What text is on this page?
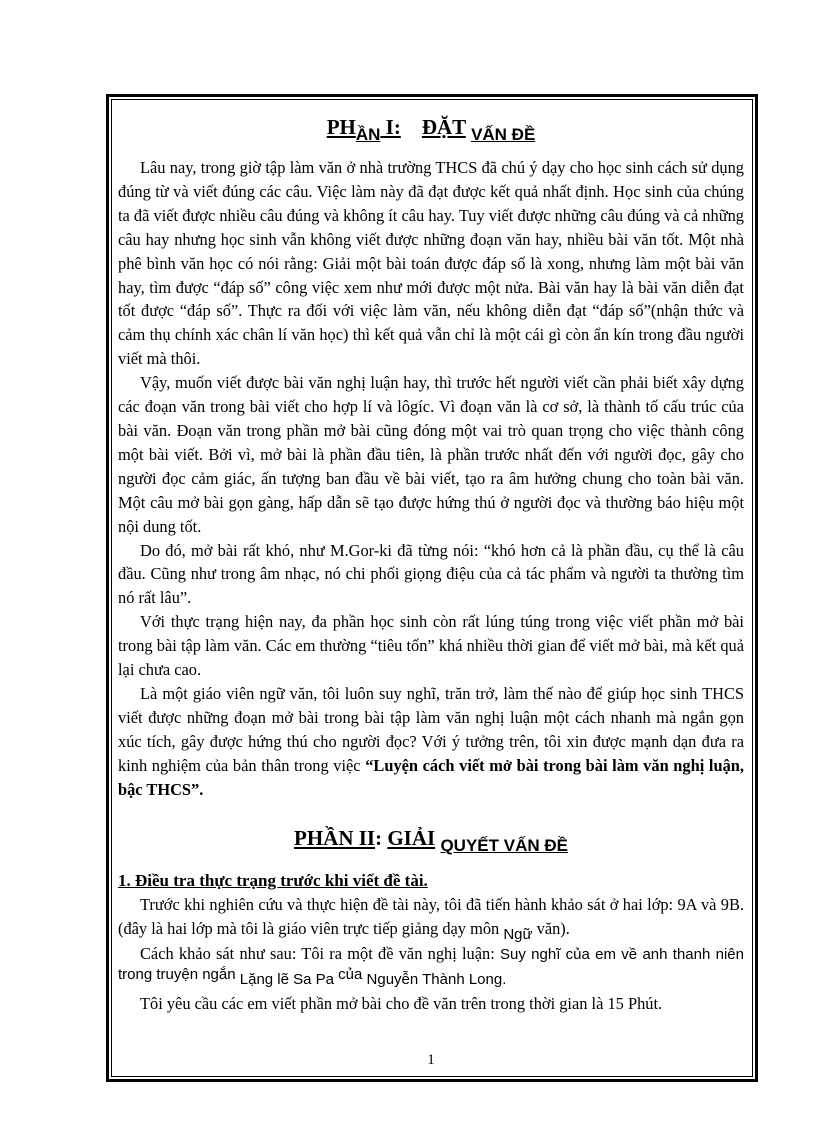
$PH_{ẦN}$ I: ĐẶT $_{VẤN ĐỀ}$

Lâu nay, trong giờ tập làm văn ở nhà trường THCS đã chú ý dạy cho học sinh cách sử dụng đúng từ và viết đúng các câu. Việc làm này đã đạt được kết quả nhất định. Học sinh của chúng ta đã viết được nhiều câu đúng và không ít câu hay. Tuy viết được những câu đúng và cả những câu hay nhưng học sinh vẫn không viết được những đoạn văn hay, nhiều bài văn tốt. Một nhà phê bình văn học có nói rằng: Giải một bài toán được đáp số là xong, nhưng làm một bài văn hay, tìm được “đáp số” công việc xem như mới được một nửa. Bài văn hay là bài văn diễn đạt tốt được “đáp số”. Thực ra đối với việc làm văn, nếu không diễn đạt “đáp số”(nhận thức và cảm thụ chính xác chân lí văn học) thì kết quả vẫn chỉ là một cái gì còn ẩn kín trong đầu người viết mà thôi.

Vậy, muốn viết được bài văn nghị luận hay, thì trước hết người viết cần phải biết xây dựng các đoạn văn trong bài viết cho hợp lí và lôgíc. Vì đoạn văn là cơ sở, là thành tố cấu trúc của bài văn. Đoạn văn trong phần mở bài cũng đóng một vai trò quan trọng cho việc thành công một bài viết. Bởi vì, mở bài là phần đầu tiên, là phần trước nhất đến với người đọc, gây cho người đọc cảm giác, ấn tượng ban đầu về bài viết, tạo ra âm hưởng chung cho toàn bài văn. Một câu mở bài gọn gàng, hấp dẫn sẽ tạo được hứng thú ở người đọc và thường báo hiệu một nội dung tốt.

Do đó, mở bài rất khó, như M.Gor-ki đã từng nói: “khó hơn cả là phần đầu, cụ thể là câu đầu. Cũng như trong âm nhạc, nó chi phối giọng điệu của cả tác phẩm và người ta thường tìm nó rất lâu”.

Với thực trạng hiện nay, đa phần học sinh còn rất lúng túng trong việc viết phần mở bài trong bài tập làm văn. Các em thường “tiêu tốn” khá nhiều thời gian để viết mở bài, mà kết quả lại chưa cao.

Là một giáo viên ngữ văn, tôi luôn suy nghĩ, trăn trở, làm thế nào để giúp học sinh THCS viết được những đoạn mở bài trong bài tập làm văn nghị luận một cách nhanh mà ngắn gọn xúc tích, gây được hứng thú cho người đọc? Với ý tưởng trên, tôi xin được mạnh dạn đưa ra kinh nghiệm của bản thân trong việc “Luyện cách viết mở bài trong bài làm văn nghị luận, bậc THCS”.

PHẦN II: GIẢI $_{QUYẾT VẤN ĐỀ}$

1. Điều tra thực trạng trước khi viết đề tài.

Trước khi nghiên cứu và thực hiện đề tài này, tôi đã tiến hành khảo sát ở hai lớp: 9A và 9B.(đây là hai lớp mà tôi là giáo viên trực tiếp giảng dạy môn Ngữ văn).

Cách khảo sát như sau: Tôi ra một đề văn nghị luận: Suy nghĩ của em về anh thanh niên trong truyện ngắn Lặng lẽ Sa Pa của Nguyễn Thành Long.

Tôi yêu cầu các em viết phần mở bài cho đề văn trên trong thời gian là 15 Phút.

1
